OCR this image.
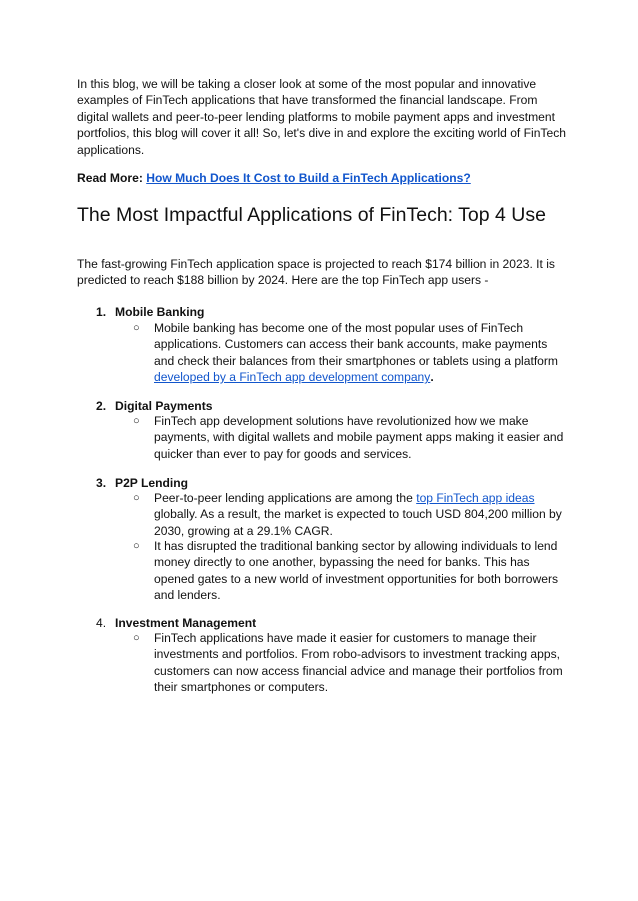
In this blog, we will be taking a closer look at some of the most popular and innovative examples of FinTech applications that have transformed the financial landscape. From digital wallets and peer-to-peer lending platforms to mobile payment apps and investment portfolios, this blog will cover it all! So, let's dive in and explore the exciting world of FinTech applications.

Read More: How Much Does It Cost to Build a FinTech Applications?

The Most Impactful Applications of FinTech: Top 4 Use

The fast-growing FinTech application space is projected to reach $174 billion in 2023. It is predicted to reach $188 billion by 2024. Here are the top FinTech app users -

1. Mobile Banking
○ Mobile banking has become one of the most popular uses of FinTech applications. Customers can access their bank accounts, make payments and check their balances from their smartphones or tablets using a platform developed by a FinTech app development company.

2. Digital Payments
○ FinTech app development solutions have revolutionized how we make payments, with digital wallets and mobile payment apps making it easier and quicker than ever to pay for goods and services.

3. P2P Lending
○ Peer-to-peer lending applications are among the top FinTech app ideas globally. As a result, the market is expected to touch USD 804,200 million by 2030, growing at a 29.1% CAGR.

○ It has disrupted the traditional banking sector by allowing individuals to lend money directly to one another, bypassing the need for banks. This has opened gates to a new world of investment opportunities for both borrowers and lenders.

4. Investment Management
○ FinTech applications have made it easier for customers to manage their investments and portfolios. From robo-advisors to investment tracking apps, customers can now access financial advice and manage their portfolios from their smartphones or computers.
